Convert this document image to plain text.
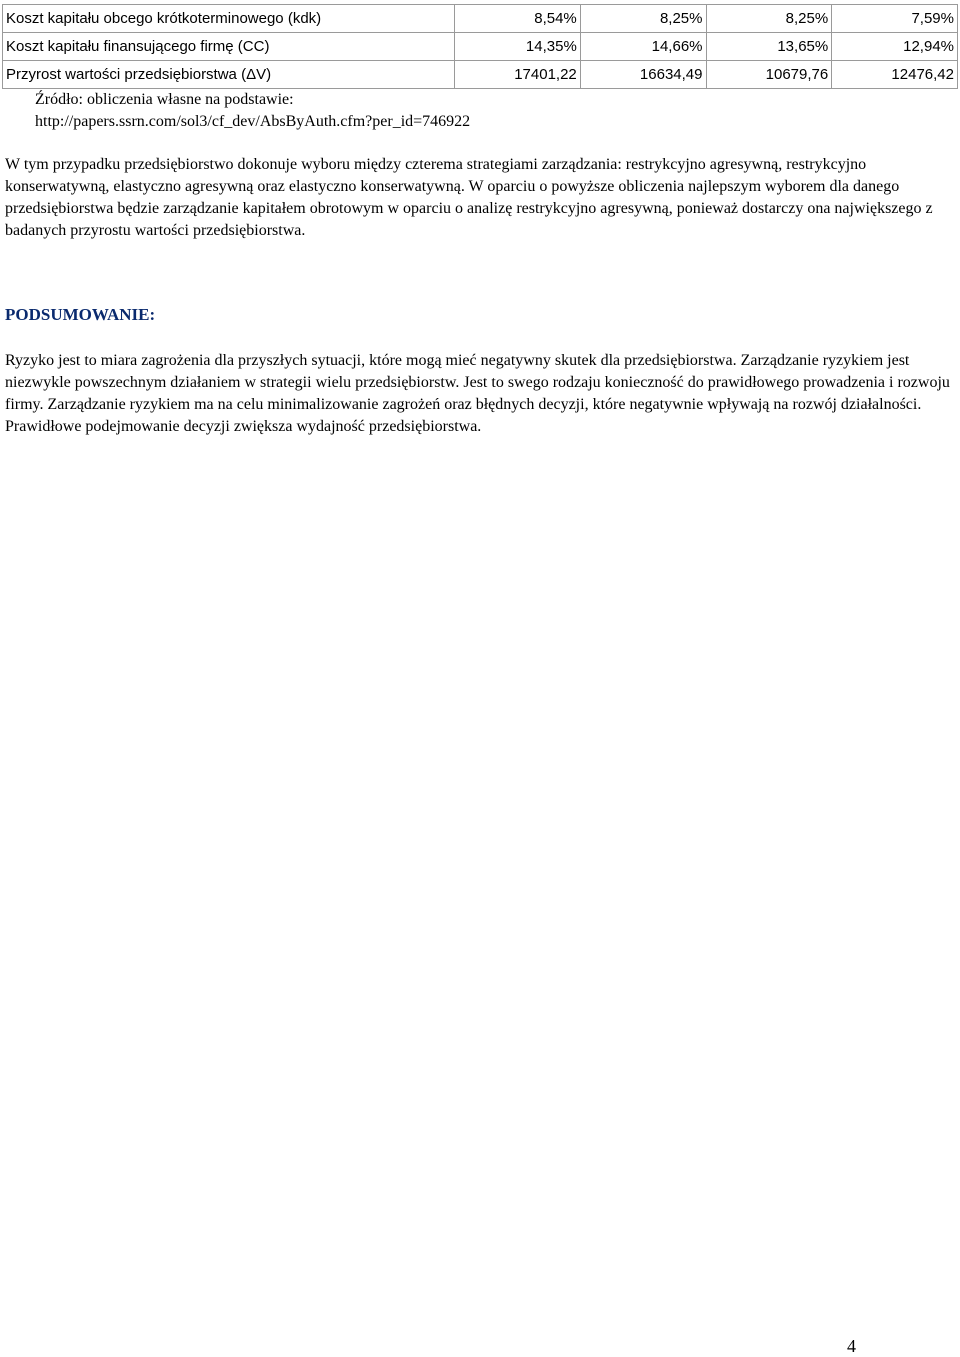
Koszt kapitału obcego krótkoterminowego (kdk)	8,54%	8,25%	8,25%	7,59%
Koszt kapitału finansującego firmę (CC)	14,35%	14,66%	13,65%	12,94%
Przyrost wartości przedsiębiorstwa (ΔV)	17401,22	16634,49	10679,76	12476,42
Źródło: obliczenia własne na podstawie:
http://papers.ssrn.com/sol3/cf_dev/AbsByAuth.cfm?per_id=746922

W tym przypadku przedsiębiorstwo dokonuje wyboru między czterema strategiami zarządzania: restrykcyjno agresywną, restrykcyjno konserwatywną, elastyczno agresywną oraz elastyczno konserwatywną. W oparciu o powyższe obliczenia najlepszym wyborem dla danego przedsiębiorstwa będzie zarządzanie kapitałem obrotowym w oparciu o analizę restrykcyjno agresywną, ponieważ dostarczy ona największego z badanych przyrostu wartości przedsiębiorstwa.

PODSUMOWANIE:

Ryzyko jest to miara zagrożenia dla przyszłych sytuacji, które mogą mieć negatywny skutek dla przedsiębiorstwa. Zarządzanie ryzykiem jest niezwykle powszechnym działaniem w strategii wielu przedsiębiorstw. Jest to swego rodzaju konieczność do prawidłowego prowadzenia i rozwoju firmy. Zarządzanie ryzykiem ma na celu minimalizowanie zagrożeń oraz błędnych decyzji, które negatywnie wpływają na rozwój działalności. Prawidłowe podejmowanie decyzji zwiększa wydajność przedsiębiorstwa.

4
